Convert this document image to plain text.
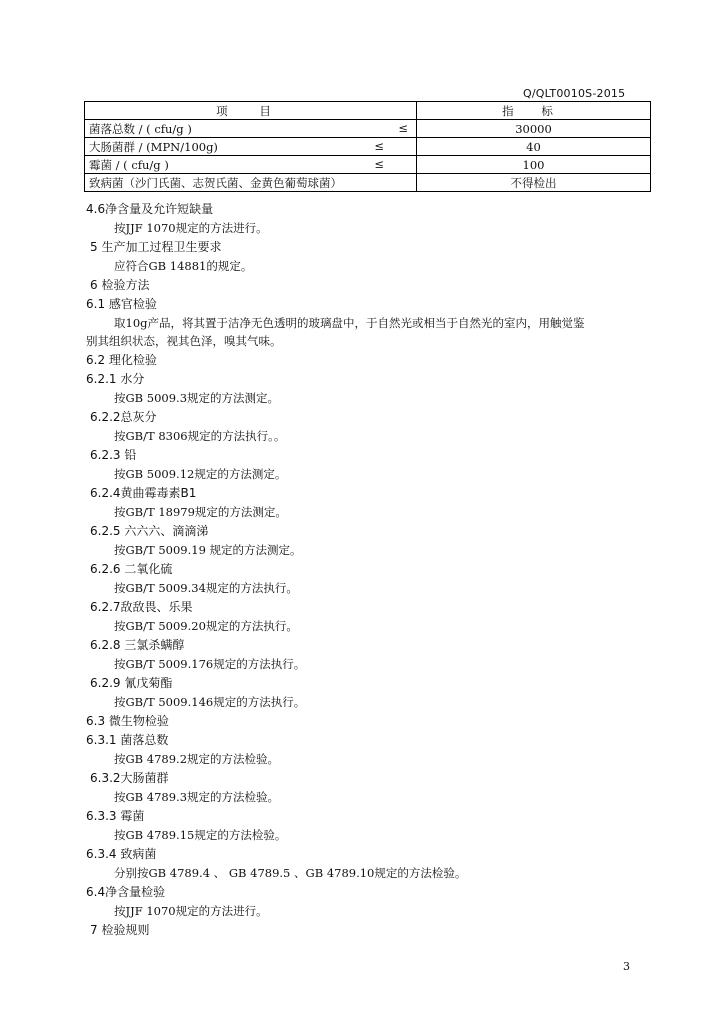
Q/QLT0010S-2015
项 目	指 标

菌落总数 / ( cfu/g ) ≤	30000

大肠菌群 / (MPN/100g) ≤	40

霉菌 / ( cfu/g ) ≤	100

致病菌（沙门氏菌、志贺氏菌、金黄色葡萄球菌）	不得检出
4.6净含量及允许短缺量
按JJF 1070规定的方法进行。
5 生产加工过程卫生要求
应符合GB 14881的规定。
6 检验方法
6.1 感官检验
取10g产品，将其置于洁净无色透明的玻璃盘中，于自然光或相当于自然光的室内，用触觉鉴
别其组织状态，视其色泽，嗅其气味。
6.2 理化检验
6.2.1 水分
按GB 5009.3规定的方法测定。
6.2.2总灰分
按GB/T 8306规定的方法执行。。
6.2.3 铅
按GB 5009.12规定的方法测定。
6.2.4黄曲霉毒素B1
按GB/T 18979规定的方法测定。
6.2.5 六六六、滴滴涕
按GB/T 5009.19 规定的方法测定。
6.2.6 二氧化硫
按GB/T 5009.34规定的方法执行。
6.2.7敌敌畏、乐果
按GB/T 5009.20规定的方法执行。
6.2.8 三氯杀螨醇
按GB/T 5009.176规定的方法执行。
6.2.9 氰戊菊酯
按GB/T 5009.146规定的方法执行。
6.3 微生物检验
6.3.1 菌落总数
按GB 4789.2规定的方法检验。
6.3.2大肠菌群
按GB 4789.3规定的方法检验。
6.3.3 霉菌
按GB 4789.15规定的方法检验。
6.3.4 致病菌
分别按GB 4789.4 、 GB 4789.5 、GB 4789.10规定的方法检验。
6.4净含量检验
按JJF 1070规定的方法进行。
7 检验规则
3
